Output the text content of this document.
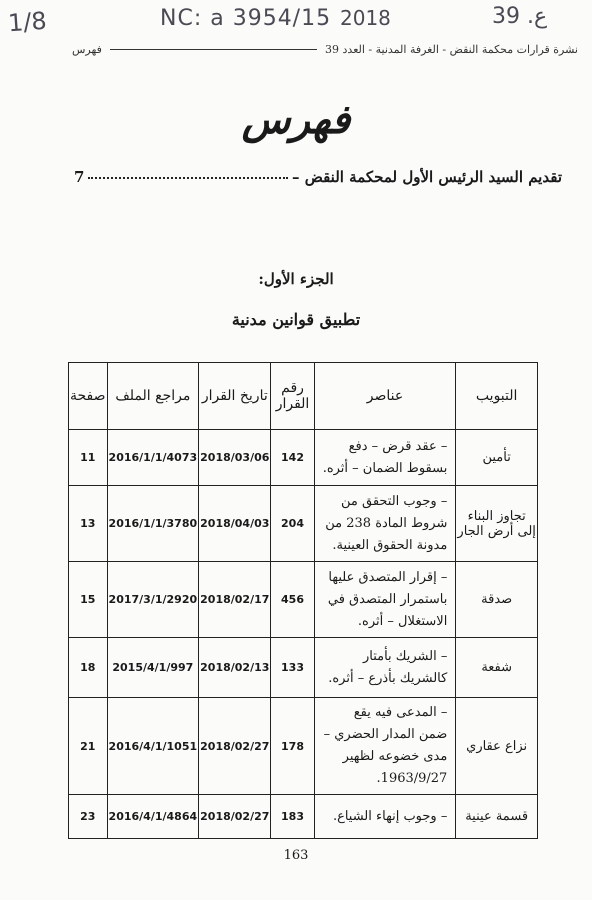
1/8	NC: a 3954/15 2018	39 .ع
نشرة قرارات محكمة النقض - الغرفة المدنية - العدد 39
فهرس
فهرس
– تقديم السيد الرئيس الأول لمحكمة النقض
7
الجزء الأول:
تطبيق قوانين مدنية
التبويب	عناصر	رقم القرار	تاريخ القرار	مراجع الملف	صفحة
تأمين	– عقد قرض – دفع بسقوط الضمان – أثره.	142	2018/03/06	2016/1/1/4073	11
تجاوز البناء إلى أرض الجار	– وجوب التحقق من شروط المادة 238 من مدونة الحقوق العينية.	204	2018/04/03	2016/1/1/3780	13
صدقة	– إقرار المتصدق عليها باستمرار المتصدق في الاستغلال – أثره.	456	2018/02/17	2017/3/1/2920	15
شفعة	– الشريك بأمتار كالشريك بأذرع – أثره.	133	2018/02/13	2015/4/1/997	18
نزاع عقاري	– المدعى فيه يقع ضمن المدار الحضري – مدى خضوعه لظهير 1963/9/27.	178	2018/02/27	2016/4/1/1051	21
قسمة عينية	– وجوب إنهاء الشياع.	183	2018/02/27	2016/4/1/4864	23
163
